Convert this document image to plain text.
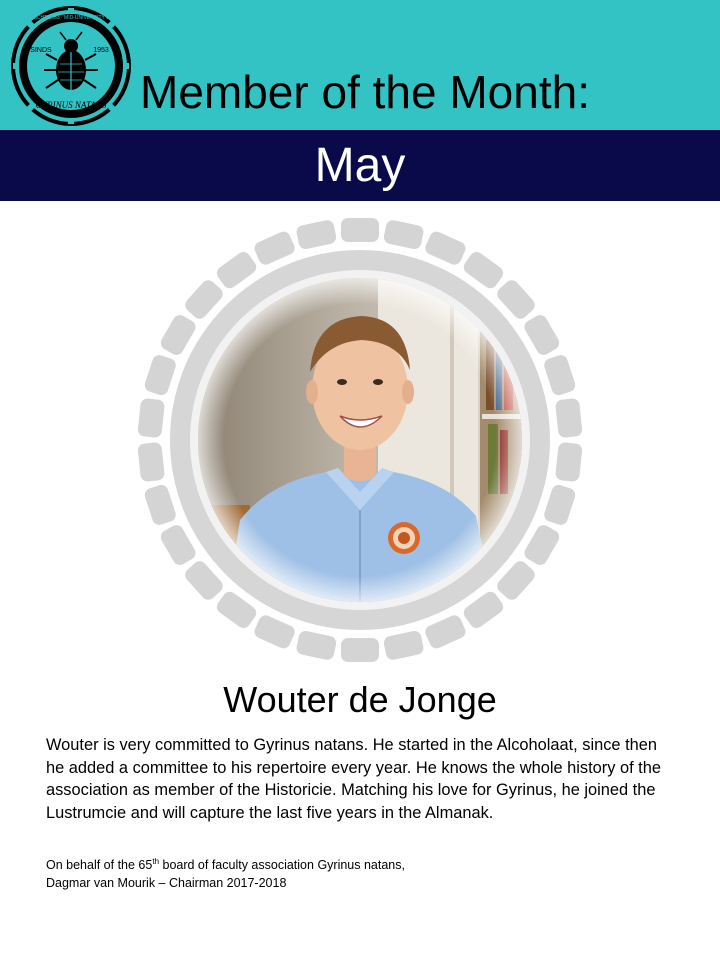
OPGERICHT 1953 · MID-UNIVERSITY STUDIE
SINDS	1953
GYRINUS NATANS Member of the Month:
May
Wouter de Jonge
Wouter is very committed to Gyrinus natans. He started in the Alcoholaat, since then he added a committee to his repertoire every year. He knows the whole history of the association as member of the Historicie. Matching his love for Gyrinus, he joined the Lustrumcie and will capture the last five years in the Almanak.
On behalf of the 65th board of faculty association Gyrinus natans,
Dagmar van Mourik – Chairman 2017-2018
